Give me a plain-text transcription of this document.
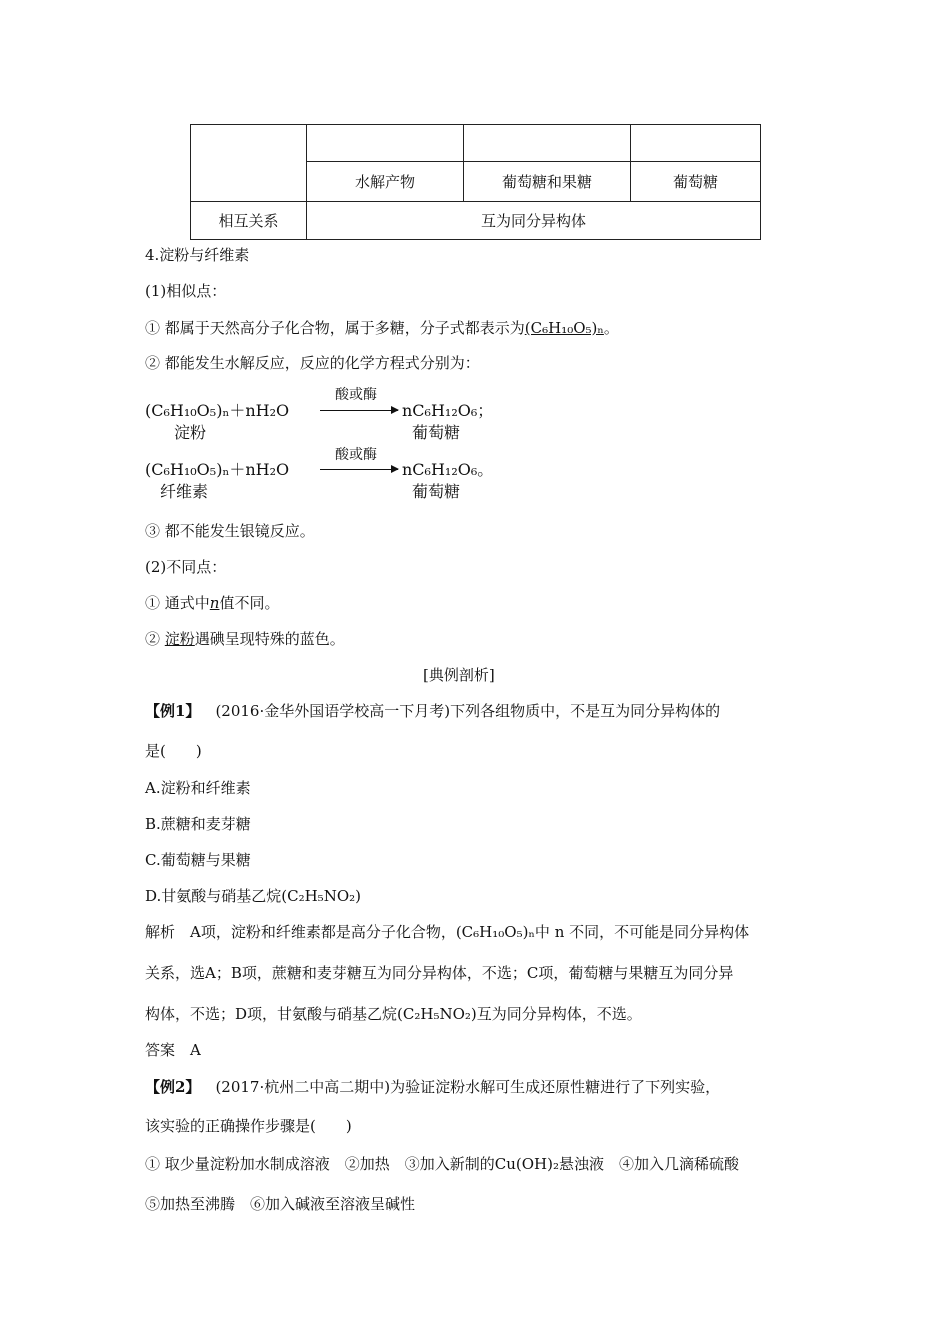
	水解产物	葡萄糖和果糖	葡萄糖
相互关系	互为同分异构体		
4.淀粉与纤维素
(1)相似点：
① 都属于天然高分子化合物，属于多糖，分子式都表示为(C₆H₁₀O₅)ₙ。
② 都能发生水解反应，反应的化学方程式分别为：
(C₆H₁₀O₅)ₙ＋nH₂O
酸或酶
nC₆H₁₂O₆；
淀粉	葡萄糖
(C₆H₁₀O₅)ₙ＋nH₂O
酸或酶
nC₆H₁₂O₆。
纤维素	葡萄糖
③ 都不能发生银镜反应。
(2)不同点：
① 通式中n值不同。
② 淀粉遇碘呈现特殊的蓝色。
[典例剖析]
【例1】  (2016·金华外国语学校高一下月考)下列各组物质中，不是互为同分异构体的
是(　　)
A.淀粉和纤维素
B.蔗糖和麦芽糖
C.葡萄糖与果糖
D.甘氨酸与硝基乙烷(C₂H₅NO₂)
解析　A项，淀粉和纤维素都是高分子化合物，(C₆H₁₀O₅)ₙ中 n 不同，不可能是同分异构体
关系，选A；B项，蔗糖和麦芽糖互为同分异构体，不选；C项，葡萄糖与果糖互为同分异
构体，不选；D项，甘氨酸与硝基乙烷(C₂H₅NO₂)互为同分异构体，不选。
答案　A
【例2】  (2017·杭州二中高二期中)为验证淀粉水解可生成还原性糖进行了下列实验，
该实验的正确操作步骤是(　　)
① 取少量淀粉加水制成溶液　②加热　③加入新制的Cu(OH)₂悬浊液　④加入几滴稀硫酸
⑤加热至沸腾　⑥加入碱液至溶液呈碱性
